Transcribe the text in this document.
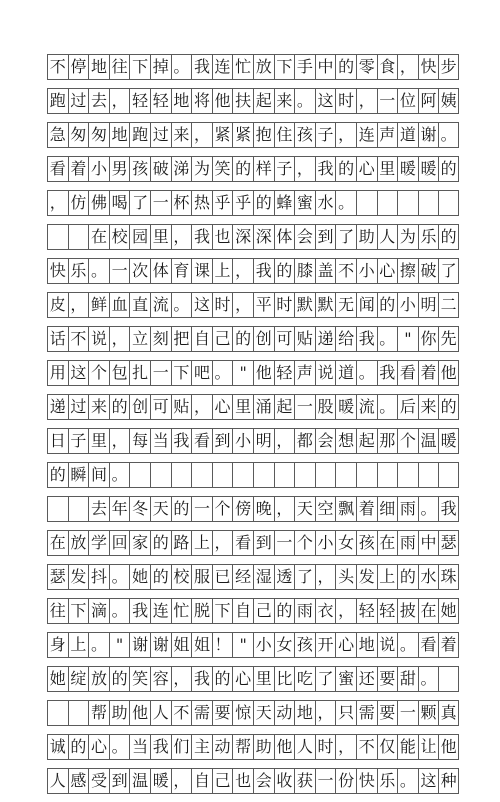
不 停 地 往 下 掉 。 我 连 忙 放 下 手 中 的 零 食 ， 快 步
跑 过 去 ， 轻 轻 地 将 他 扶 起 来 。 这 时 ， 一 位 阿 姨
急 匆 匆 地 跑 过 来 ， 紧 紧 抱 住 孩 子 ， 连 声 道 谢 。
看 着 小 男 孩 破 涕 为 笑 的 样 子 ， 我 的 心 里 暖 暖 的
， 仿 佛 喝 了 一 杯 热 乎 乎 的 蜂 蜜 水 。
在 校 园 里 ， 我 也 深 深 体 会 到 了 助 人 为 乐 的
快 乐 。 一 次 体 育 课 上 ， 我 的 膝 盖 不 小 心 擦 破 了
皮 ， 鲜 血 直 流 。 这 时 ， 平 时 默 默 无 闻 的 小 明 二
话 不 说 ， 立 刻 把 自 己 的 创 可 贴 递 给 我 。 " 你 先
用 这 个 包 扎 一 下 吧 。 " 他 轻 声 说 道 。 我 看 着 他
递 过 来 的 创 可 贴 ， 心 里 涌 起 一 股 暖 流 。 后 来 的
日 子 里 ， 每 当 我 看 到 小 明 ， 都 会 想 起 那 个 温 暖
的 瞬 间 。
去 年 冬 天 的 一 个 傍 晚 ， 天 空 飘 着 细 雨 。 我
在 放 学 回 家 的 路 上 ， 看 到 一 个 小 女 孩 在 雨 中 瑟
瑟 发 抖 。 她 的 校 服 已 经 湿 透 了 ， 头 发 上 的 水 珠
往 下 滴 。 我 连 忙 脱 下 自 己 的 雨 衣 ， 轻 轻 披 在 她
身 上 。 " 谢 谢 姐 姐 ！ " 小 女 孩 开 心 地 说 。 看 着
她 绽 放 的 笑 容 ， 我 的 心 里 比 吃 了 蜜 还 要 甜 。
帮 助 他 人 不 需 要 惊 天 动 地 ， 只 需 要 一 颗 真
诚 的 心 。 当 我 们 主 动 帮 助 他 人 时 ， 不 仅 能 让 他
人 感 受 到 温 暖 ， 自 己 也 会 收 获 一 份 快 乐 。 这 种
